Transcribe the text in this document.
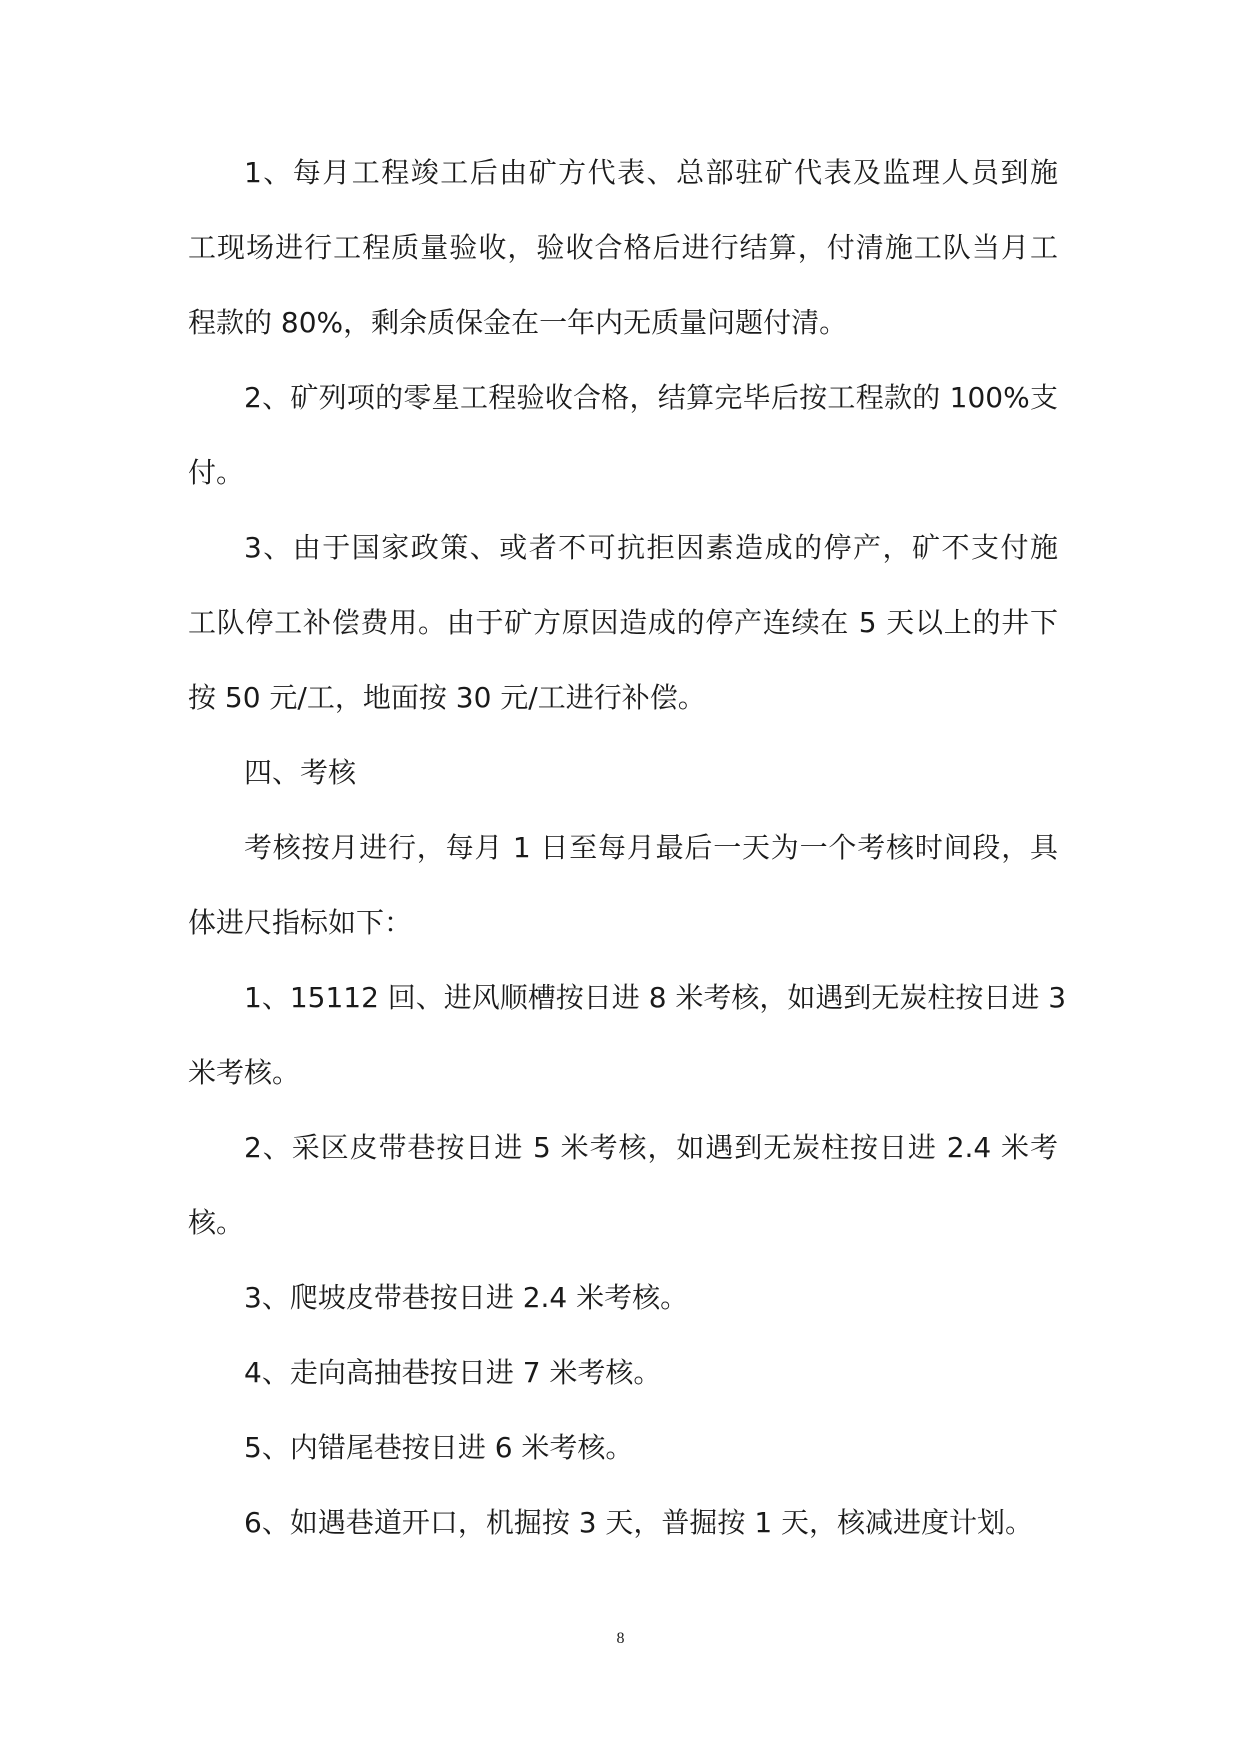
1、每月工程竣工后由矿方代表、总部驻矿代表及监理人员到施
工现场进行工程质量验收，验收合格后进行结算，付清施工队当月工
程款的 80%，剩余质保金在一年内无质量问题付清。
2、矿列项的零星工程验收合格，结算完毕后按工程款的 100%支
付。
3、由于国家政策、或者不可抗拒因素造成的停产，矿不支付施
工队停工补偿费用。由于矿方原因造成的停产连续在 5 天以上的井下
按 50 元/工，地面按 30 元/工进行补偿。
四、考核
考核按月进行，每月 1 日至每月最后一天为一个考核时间段，具
体进尺指标如下：
1、15112 回、进风顺槽按日进 8 米考核，如遇到无炭柱按日进 3
米考核。
2、采区皮带巷按日进 5 米考核，如遇到无炭柱按日进 2.4 米考
核。
3、爬坡皮带巷按日进 2.4 米考核。
4、走向高抽巷按日进 7 米考核。
5、内错尾巷按日进 6 米考核。
6、如遇巷道开口，机掘按 3 天，普掘按 1 天，核减进度计划。
8
